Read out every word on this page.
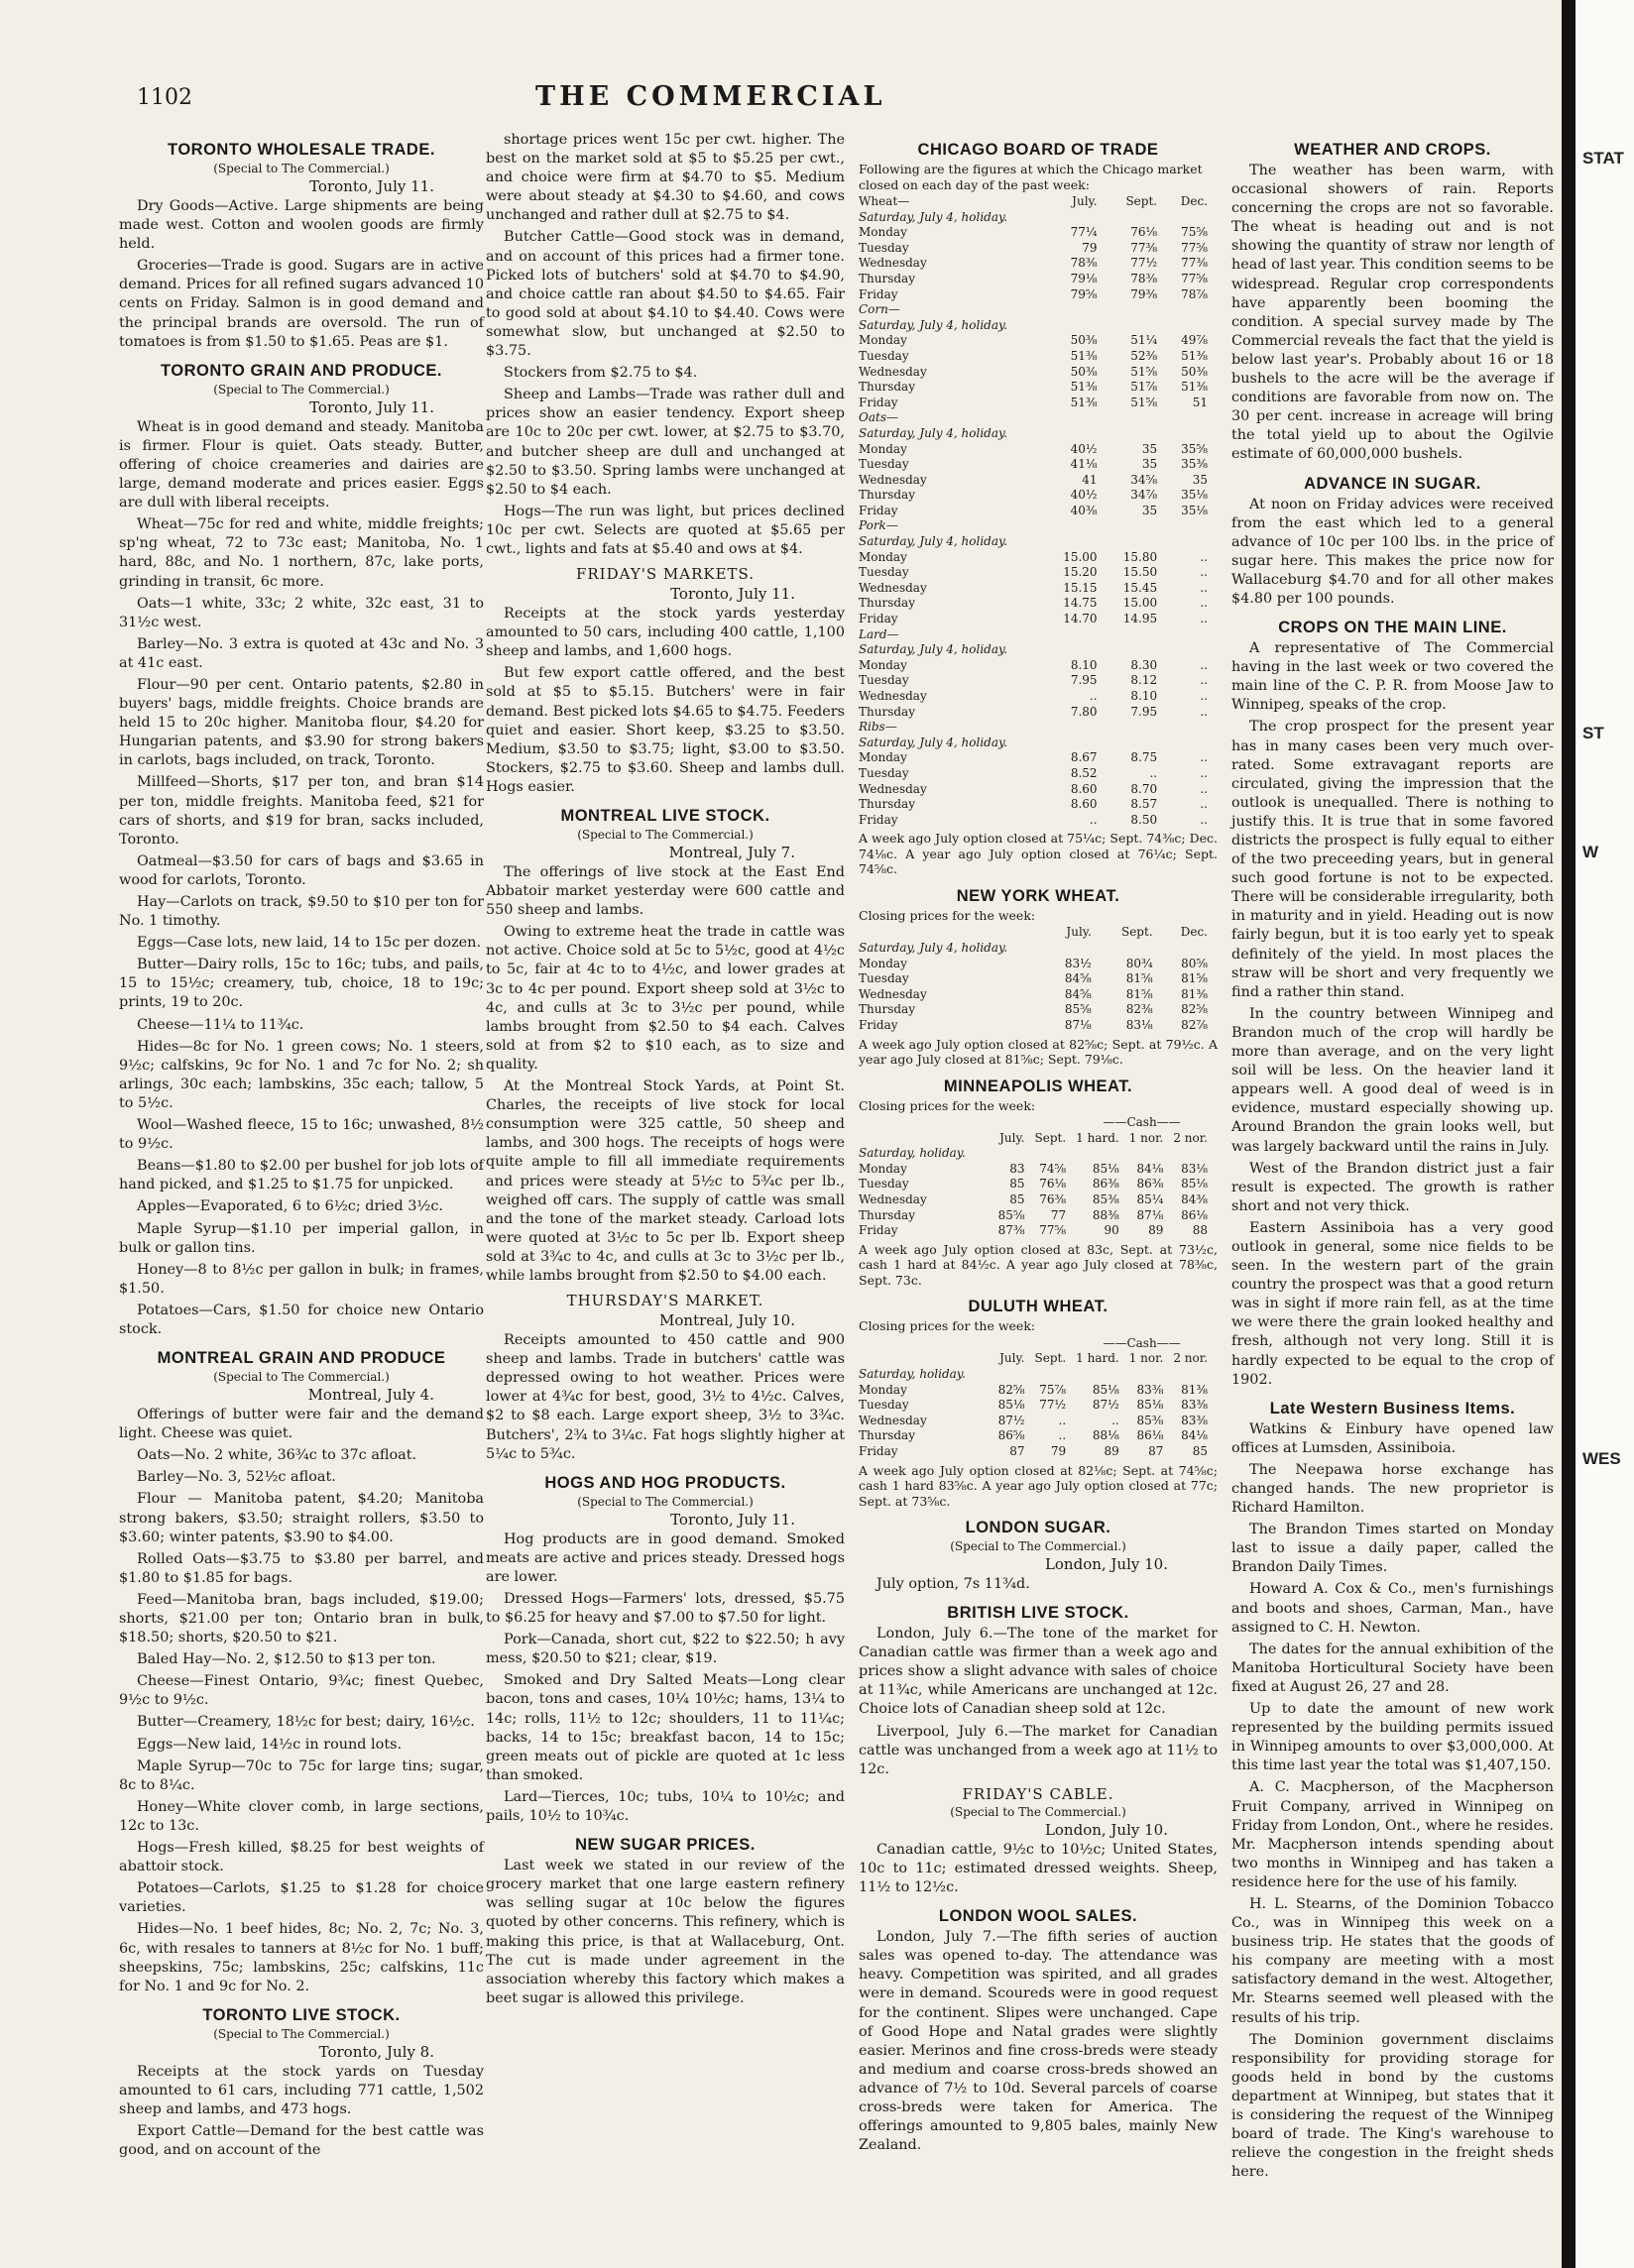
1102	THE COMMERCIAL
TORONTO WHOLESALE TRADE.
(Special to The Commercial.)
Toronto, July 11.

Dry Goods—Active. Large shipments are being made west. Cotton and woolen goods are firmly held.

Groceries—Trade is good. Sugars are in active demand. Prices for all refined sugars advanced 10 cents on Friday. Salmon is in good demand and the principal brands are oversold. The run of tomatoes is from $1.50 to $1.65. Peas are $1.

TORONTO GRAIN AND PRODUCE.
(Special to The Commercial.)
Toronto, July 11.

Wheat is in good demand and steady. Manitoba is firmer. Flour is quiet. Oats steady. Butter, offering of choice creameries and dairies are large, demand moderate and prices easier. Eggs are dull with liberal receipts.

Wheat—75c for red and white, middle freights; sp'ng wheat, 72 to 73c east; Manitoba, No. 1 hard, 88c, and No. 1 northern, 87c, lake ports, grinding in transit, 6c more.

Oats—1 white, 33c; 2 white, 32c east, 31 to 31½c west.

Barley—No. 3 extra is quoted at 43c and No. 3 at 41c east.

Flour—90 per cent. Ontario patents, $2.80 in buyers' bags, middle freights. Choice brands are held 15 to 20c higher. Manitoba flour, $4.20 for Hungarian patents, and $3.90 for strong bakers in carlots, bags included, on track, Toronto.

Millfeed—Shorts, $17 per ton, and bran $14 per ton, middle freights. Manitoba feed, $21 for cars of shorts, and $19 for bran, sacks included, Toronto.

Oatmeal—$3.50 for cars of bags and $3.65 in wood for carlots, Toronto.

Hay—Carlots on track, $9.50 to $10 per ton for No. 1 timothy.

Eggs—Case lots, new laid, 14 to 15c per dozen.

Butter—Dairy rolls, 15c to 16c; tubs, and pails, 15 to 15½c; creamery, tub, choice, 18 to 19c; prints, 19 to 20c.

Cheese—11¼ to 11¾c.

Hides—8c for No. 1 green cows; No. 1 steers, 9½c; calfskins, 9c for No. 1 and 7c for No. 2; sh arlings, 30c each; lambskins, 35c each; tallow, 5 to 5½c.

Wool—Washed fleece, 15 to 16c; unwashed, 8½ to 9½c.

Beans—$1.80 to $2.00 per bushel for job lots of hand picked, and $1.25 to $1.75 for unpicked.

Apples—Evaporated, 6 to 6½c; dried 3½c.

Maple Syrup—$1.10 per imperial gallon, in bulk or gallon tins.

Honey—8 to 8½c per gallon in bulk; in frames, $1.50.

Potatoes—Cars, $1.50 for choice new Ontario stock.

MONTREAL GRAIN AND PRODUCE
(Special to The Commercial.)
Montreal, July 4.

Offerings of butter were fair and the demand light. Cheese was quiet.

Oats—No. 2 white, 36¾c to 37c afloat.

Barley—No. 3, 52½c afloat.

Flour — Manitoba patent, $4.20; Manitoba strong bakers, $3.50; straight rollers, $3.50 to $3.60; winter patents, $3.90 to $4.00.

Rolled Oats—$3.75 to $3.80 per barrel, and $1.80 to $1.85 for bags.

Feed—Manitoba bran, bags included, $19.00; shorts, $21.00 per ton; Ontario bran in bulk, $18.50; shorts, $20.50 to $21.

Baled Hay—No. 2, $12.50 to $13 per ton.

Cheese—Finest Ontario, 9¾c; finest Quebec, 9½c to 9½c.

Butter—Creamery, 18½c for best; dairy, 16½c.

Eggs—New laid, 14½c in round lots.

Maple Syrup—70c to 75c for large tins; sugar, 8c to 8¼c.

Honey—White clover comb, in large sections, 12c to 13c.

Hogs—Fresh killed, $8.25 for best weights of abattoir stock.

Potatoes—Carlots, $1.25 to $1.28 for choice varieties.

Hides—No. 1 beef hides, 8c; No. 2, 7c; No. 3, 6c, with resales to tanners at 8½c for No. 1 buff; sheepskins, 75c; lambskins, 25c; calfskins, 11c for No. 1 and 9c for No. 2.

TORONTO LIVE STOCK.
(Special to The Commercial.)
Toronto, July 8.

Receipts at the stock yards on Tuesday amounted to 61 cars, including 771 cattle, 1,502 sheep and lambs, and 473 hogs.

Export Cattle—Demand for the best cattle was good, and on account of the

shortage prices went 15c per cwt. higher. The best on the market sold at $5 to $5.25 per cwt., and choice were firm at $4.70 to $5. Medium were about steady at $4.30 to $4.60, and cows unchanged and rather dull at $2.75 to $4.

Butcher Cattle—Good stock was in demand, and on account of this prices had a firmer tone. Picked lots of butchers' sold at $4.70 to $4.90, and choice cattle ran about $4.50 to $4.65. Fair to good sold at about $4.10 to $4.40. Cows were somewhat slow, but unchanged at $2.50 to $3.75.

Stockers from $2.75 to $4.

Sheep and Lambs—Trade was rather dull and prices show an easier tendency. Export sheep are 10c to 20c per cwt. lower, at $2.75 to $3.70, and butcher sheep are dull and unchanged at $2.50 to $3.50. Spring lambs were unchanged at $2.50 to $4 each.

Hogs—The run was light, but prices declined 10c per cwt. Selects are quoted at $5.65 per cwt., lights and fats at $5.40 and ows at $4.

FRIDAY'S MARKETS.
Toronto, July 11.

Receipts at the stock yards yesterday amounted to 50 cars, including 400 cattle, 1,100 sheep and lambs, and 1,600 hogs.

But few export cattle offered, and the best sold at $5 to $5.15. Butchers' were in fair demand. Best picked lots $4.65 to $4.75. Feeders quiet and easier. Short keep, $3.25 to $3.50. Medium, $3.50 to $3.75; light, $3.00 to $3.50. Stockers, $2.75 to $3.60. Sheep and lambs dull. Hogs easier.

MONTREAL LIVE STOCK.
(Special to The Commercial.)
Montreal, July 7.

The offerings of live stock at the East End Abbatoir market yesterday were 600 cattle and 550 sheep and lambs.

Owing to extreme heat the trade in cattle was not active. Choice sold at 5c to 5½c, good at 4½c to 5c, fair at 4c to to 4½c, and lower grades at 3c to 4c per pound. Export sheep sold at 3½c to 4c, and culls at 3c to 3½c per pound, while lambs brought from $2.50 to $4 each. Calves sold at from $2 to $10 each, as to size and quality.

At the Montreal Stock Yards, at Point St. Charles, the receipts of live stock for local consumption were 325 cattle, 50 sheep and lambs, and 300 hogs. The receipts of hogs were quite ample to fill all immediate requirements and prices were steady at 5½c to 5¾c per lb., weighed off cars. The supply of cattle was small and the tone of the market steady. Carload lots were quoted at 3½c to 5c per lb. Export sheep sold at 3¾c to 4c, and culls at 3c to 3½c per lb., while lambs brought from $2.50 to $4.00 each.

THURSDAY'S MARKET.
Montreal, July 10.

Receipts amounted to 450 cattle and 900 sheep and lambs. Trade in butchers' cattle was depressed owing to hot weather. Prices were lower at 4¾c for best, good, 3½ to 4½c. Calves, $2 to $8 each. Large export sheep, 3½ to 3¾c. Butchers', 2¾ to 3¼c. Fat hogs slightly higher at 5¼c to 5¾c.

HOGS AND HOG PRODUCTS.
(Special to The Commercial.)
Toronto, July 11.

Hog products are in good demand. Smoked meats are active and prices steady. Dressed hogs are lower.

Dressed Hogs—Farmers' lots, dressed, $5.75 to $6.25 for heavy and $7.00 to $7.50 for light.

Pork—Canada, short cut, $22 to $22.50; h avy mess, $20.50 to $21; clear, $19.

Smoked and Dry Salted Meats—Long clear bacon, tons and cases, 10¼ 10½c; hams, 13¼ to 14c; rolls, 11½ to 12c; shoulders, 11 to 11¼c; backs, 14 to 15c; breakfast bacon, 14 to 15c; green meats out of pickle are quoted at 1c less than smoked.

Lard—Tierces, 10c; tubs, 10¼ to 10½c; and pails, 10½ to 10¾c.

NEW SUGAR PRICES.

Last week we stated in our review of the grocery market that one large eastern refinery was selling sugar at 10c below the figures quoted by other concerns. This refinery, which is making this price, is that at Wallaceburg, Ont. The cut is made under agreement in the association whereby this factory which makes a beet sugar is allowed this privilege.

CHICAGO BOARD OF TRADE

Following are the figures at which the Chicago market closed on each day of the past week:

Wheat—	July.	Sept.	Dec.
Saturday, July 4, holiday.			
Monday	77¼	76⅛	75⅝
Tuesday	79	77⅜	77⅝
Wednesday	78⅜	77½	77⅜
Thursday	79⅛	78⅜	77⅝
Friday	79⅝	79⅜	78⅞
Corn—			
Saturday, July 4, holiday.			
Monday	50⅜	51¼	49⅞
Tuesday	51⅜	52⅜	51⅜
Wednesday	50⅜	51⅝	50⅜
Thursday	51⅜	51⅞	51⅜
Friday	51⅜	51⅝	51
Oats—			
Saturday, July 4, holiday.			
Monday	40½	35	35⅝
Tuesday	41⅛	35	35⅜
Wednesday	41	34⅝	35
Thursday	40½	34⅞	35⅛
Friday	40⅜	35	35⅛
Pork—			
Saturday, July 4, holiday.			
Monday	15.00	15.80	..
Tuesday	15.20	15.50	..
Wednesday	15.15	15.45	..
Thursday	14.75	15.00	..
Friday	14.70	14.95	..
Lard—			
Saturday, July 4, holiday.			
Monday	8.10	8.30	..
Tuesday	7.95	8.12	..
Wednesday	..	8.10	..
Thursday	7.80	7.95	..
Ribs—			
Saturday, July 4, holiday.			
Monday	8.67	8.75	..
Tuesday	8.52	..	..
Wednesday	8.60	8.70	..
Thursday	8.60	8.57	..
Friday	..	8.50	..

A week ago July option closed at 75¼c; Sept. 74⅜c; Dec. 74⅛c. A year ago July option closed at 76¼c; Sept. 74⅝c.

NEW YORK WHEAT.

Closing prices for the week:

	July.	Sept.	Dec.
Saturday, July 4, holiday.			
Monday	83½	80¾	80⅝
Tuesday	84⅝	81⅝	81⅝
Wednesday	84⅝	81⅝	81⅜
Thursday	85⅝	82⅜	82⅝
Friday	87⅛	83⅛	82⅞

A week ago July option closed at 82⅝c; Sept. at 79½c. A year ago July closed at 81⅝c; Sept. 79⅛c.

MINNEAPOLIS WHEAT.

Closing prices for the week:

			——Cash——		
	July.	Sept.	1 hard.	1 nor.	2 nor.
Saturday, holiday.					
Monday	83	74⅝	85⅛	84⅛	83⅛
Tuesday	85	76⅛	86⅜	86⅜	85⅛
Wednesday	85	76⅜	85⅜	85¼	84⅜
Thursday	85⅝	77	88⅜	87⅛	86⅛
Friday	87⅜	77⅝	90	89	88

A week ago July option closed at 83c, Sept. at 73½c, cash 1 hard at 84½c. A year ago July closed at 78⅜c, Sept. 73c.

DULUTH WHEAT.

Closing prices for the week:

			——Cash——		
	July.	Sept.	1 hard.	1 nor.	2 nor.
Saturday, holiday.					
Monday	82⅝	75⅞	85⅛	83⅜	81⅜
Tuesday	85⅛	77½	87½	85⅛	83⅜
Wednesday	87½	..	..	85⅜	83⅜
Thursday	86⅝	..	88⅛	86⅛	84⅛
Friday	87	79	89	87	85

A week ago July option closed at 82⅛c; Sept. at 74⅝c; cash 1 hard 83⅝c. A year ago July option closed at 77c; Sept. at 73⅝c.

LONDON SUGAR.
(Special to The Commercial.)
London, July 10.

July option, 7s 11¾d.

BRITISH LIVE STOCK.

London, July 6.—The tone of the market for Canadian cattle was firmer than a week ago and prices show a slight advance with sales of choice at 11¾c, while Americans are unchanged at 12c. Choice lots of Canadian sheep sold at 12c.

Liverpool, July 6.—The market for Canadian cattle was unchanged from a week ago at 11½ to 12c.

FRIDAY'S CABLE.
(Special to The Commercial.)
London, July 10.

Canadian cattle, 9½c to 10½c; United States, 10c to 11c; estimated dressed weights. Sheep, 11½ to 12½c.

LONDON WOOL SALES.

London, July 7.—The fifth series of auction sales was opened to-day. The attendance was heavy. Competition was spirited, and all grades were in demand. Scoureds were in good request for the continent. Slipes were unchanged. Cape of Good Hope and Natal grades were slightly easier. Merinos and fine cross-breds were steady and medium and coarse cross-breds showed an advance of 7½ to 10d. Several parcels of coarse cross-breds were taken for America. The offerings amounted to 9,805 bales, mainly New Zealand.

WEATHER AND CROPS.

The weather has been warm, with occasional showers of rain. Reports concerning the crops are not so favorable. The wheat is heading out and is not showing the quantity of straw nor length of head of last year. This condition seems to be widespread. Regular crop correspondents have apparently been booming the condition. A special survey made by The Commercial reveals the fact that the yield is below last year's. Probably about 16 or 18 bushels to the acre will be the average if conditions are favorable from now on. The 30 per cent. increase in acreage will bring the total yield up to about the Ogilvie estimate of 60,000,000 bushels.

ADVANCE IN SUGAR.

At noon on Friday advices were received from the east which led to a general advance of 10c per 100 lbs. in the price of sugar here. This makes the price now for Wallaceburg $4.70 and for all other makes $4.80 per 100 pounds.

CROPS ON THE MAIN LINE.

A representative of The Commercial having in the last week or two covered the main line of the C. P. R. from Moose Jaw to Winnipeg, speaks of the crop.

The crop prospect for the present year has in many cases been very much over-rated. Some extravagant reports are circulated, giving the impression that the outlook is unequalled. There is nothing to justify this. It is true that in some favored districts the prospect is fully equal to either of the two preceeding years, but in general such good fortune is not to be expected. There will be considerable irregularity, both in maturity and in yield. Heading out is now fairly begun, but it is too early yet to speak definitely of the yield. In most places the straw will be short and very frequently we find a rather thin stand.

In the country between Winnipeg and Brandon much of the crop will hardly be more than average, and on the very light soil will be less. On the heavier land it appears well. A good deal of weed is in evidence, mustard especially showing up. Around Brandon the grain looks well, but was largely backward until the rains in July.

West of the Brandon district just a fair result is expected. The growth is rather short and not very thick.

Eastern Assiniboia has a very good outlook in general, some nice fields to be seen. In the western part of the grain country the prospect was that a good return was in sight if more rain fell, as at the time we were there the grain looked healthy and fresh, although not very long. Still it is hardly expected to be equal to the crop of 1902.

Late Western Business Items.

Watkins & Einbury have opened law offices at Lumsden, Assiniboia.

The Neepawa horse exchange has changed hands. The new proprietor is Richard Hamilton.

The Brandon Times started on Monday last to issue a daily paper, called the Brandon Daily Times.

Howard A. Cox & Co., men's furnishings and boots and shoes, Carman, Man., have assigned to C. H. Newton.

The dates for the annual exhibition of the Manitoba Horticultural Society have been fixed at August 26, 27 and 28.

Up to date the amount of new work represented by the building permits issued in Winnipeg amounts to over $3,000,000. At this time last year the total was $1,407,150.

A. C. Macpherson, of the Macpherson Fruit Company, arrived in Winnipeg on Friday from London, Ont., where he resides. Mr. Macpherson intends spending about two months in Winnipeg and has taken a residence here for the use of his family.

H. L. Stearns, of the Dominion Tobacco Co., was in Winnipeg this week on a business trip. He states that the goods of his company are meeting with a most satisfactory demand in the west. Altogether, Mr. Stearns seemed well pleased with the results of his trip.

The Dominion government disclaims responsibility for providing storage for goods held in bond by the customs department at Winnipeg, but states that it is considering the request of the Winnipeg board of trade. The King's warehouse to relieve the congestion in the freight sheds here.

STAT
ST
W
WES
